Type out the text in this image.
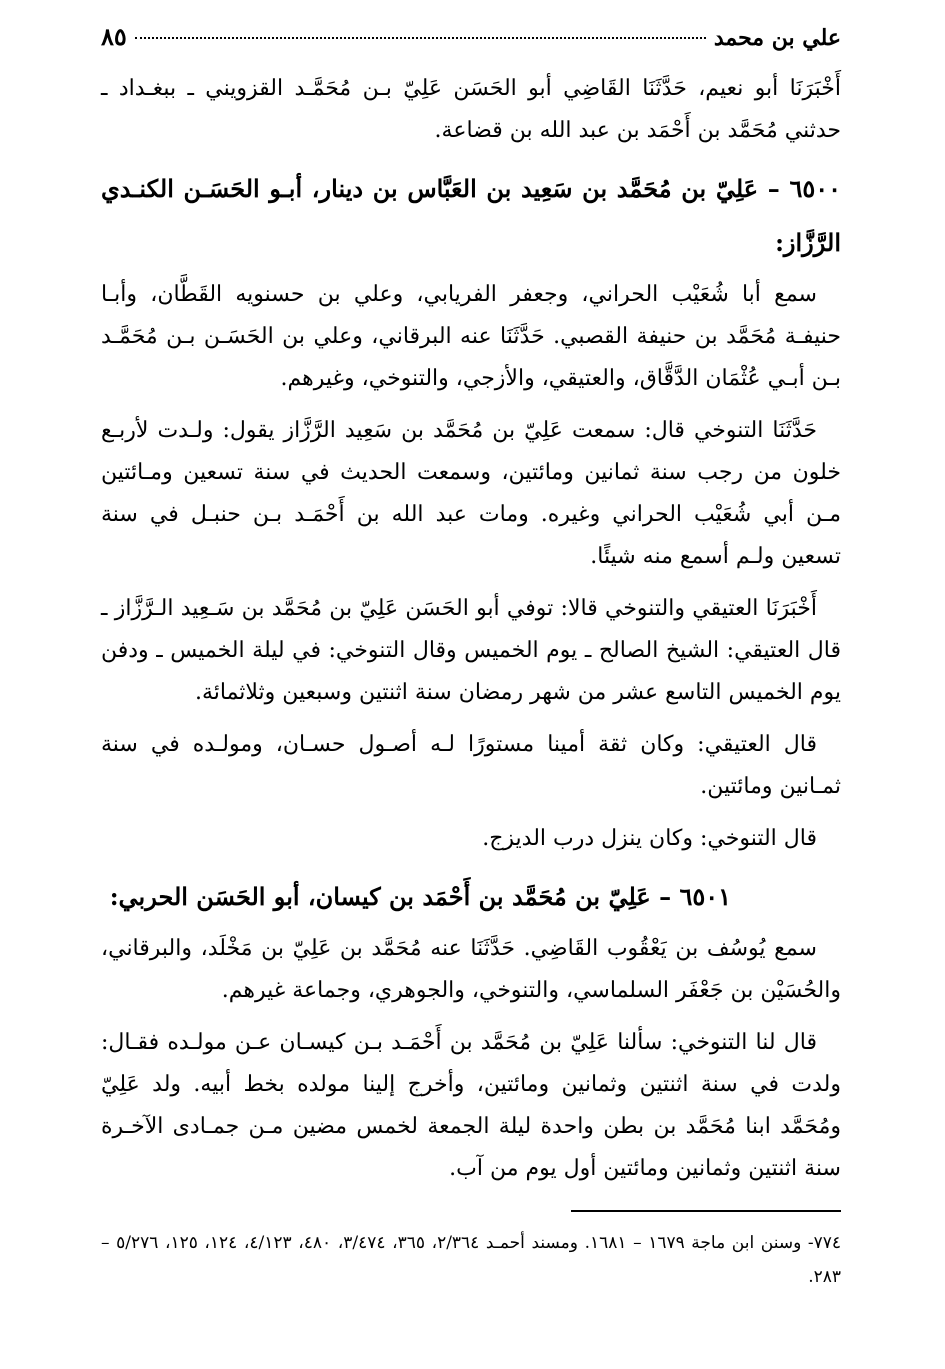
علي بن محمد
٨٥

أَخْبَرَنَا أبو نعيم، حَدَّثَنَا القَاضِي أبو الحَسَن عَلِيّ بـن مُحَمَّـد القزويني ـ ببغـداد ـ حدثني مُحَمَّد بن أَحْمَد بن عبد الله بن قضاعة.

٦٥٠٠ – عَلِيّ بن مُحَمَّد بن سَعِيد بن العَبَّاس بن دينار، أبـو الحَسَـن الكنـدي الرَّزَّاز:

سمع أبا شُعَيْب الحراني، وجعفر الفريابي، وعلي بن حسنويه القَطَّان، وأبـا حنيفـة مُحَمَّد بن حنيفة القصبي. حَدَّثَنَا عنه البرقاني، وعلي بن الحَسَـن بـن مُحَمَّـد بـن أبـي عُثْمَان الدَّقَّاق، والعتيقي، والأزجي، والتنوخي، وغيرهم.

حَدَّثَنَا التنوخي قال: سمعت عَلِيّ بن مُحَمَّد بن سَعِيد الرَّزَّاز يقول: ولـدت لأربـع خلون من رجب سنة ثمانين ومائتين، وسمعت الحديث في سنة تسعين ومـائتين مـن أبي شُعَيْب الحراني وغيره. ومات عبد الله بن أَحْمَـد بـن حنبـل في سنة تسعين ولـم أسمع منه شيئًا.

أَخْبَرَنَا العتيقي والتنوخي قالا: توفي أبو الحَسَن عَلِيّ بن مُحَمَّد بن سَـعِيد الـرَّزَّاز ـ قال العتيقي: الشيخ الصالح ـ يوم الخميس وقال التنوخي: في ليلة الخميس ـ ودفن يوم الخميس التاسع عشر من شهر رمضان سنة اثنتين وسبعين وثلاثمائة.

قال العتيقي: وكان ثقة أمينا مستورًا لـه أصـول حسـان، ومولـده في سنة ثمـانين ومائتين.

قال التنوخي: وكان ينزل درب الديزج.

٦٥٠١ – عَلِيّ بن مُحَمَّد بن أَحْمَد بن كيسان، أبو الحَسَن الحربي:

سمع يُوسُف بن يَعْقُوب القَاضِي. حَدَّثَنَا عنه مُحَمَّد بن عَلِيّ بن مَخْلَد، والبرقاني، والحُسَيْن بن جَعْفَر السلماسي، والتنوخي، والجوهري، وجماعة غيرهم.

قال لنا التنوخي: سألنا عَلِيّ بن مُحَمَّد بن أَحْمَـد بـن كيسـان عـن مولـده فقـال: ولدت في سنة اثنتين وثمانين ومائتين، وأخرج إلينا مولده بخط أبيه. ولد عَلِيّ ومُحَمَّد ابنا مُحَمَّد بن بطن واحدة ليلة الجمعة لخمس مضين مـن جمـادى الآخـرة سنة اثنتين وثمانين ومائتين أول يوم من آب.

٧٧٤- وسنن ابن ماجة ١٦٧٩ – ١٦٨١. ومسند أحمـد ٢/٣٦٤، ٣٦٥، ٣/٤٧٤، ٤٨٠، ٤/١٢٣، ١٢٤، ١٢٥، ٥/٢٧٦ – ٢٨٣.
